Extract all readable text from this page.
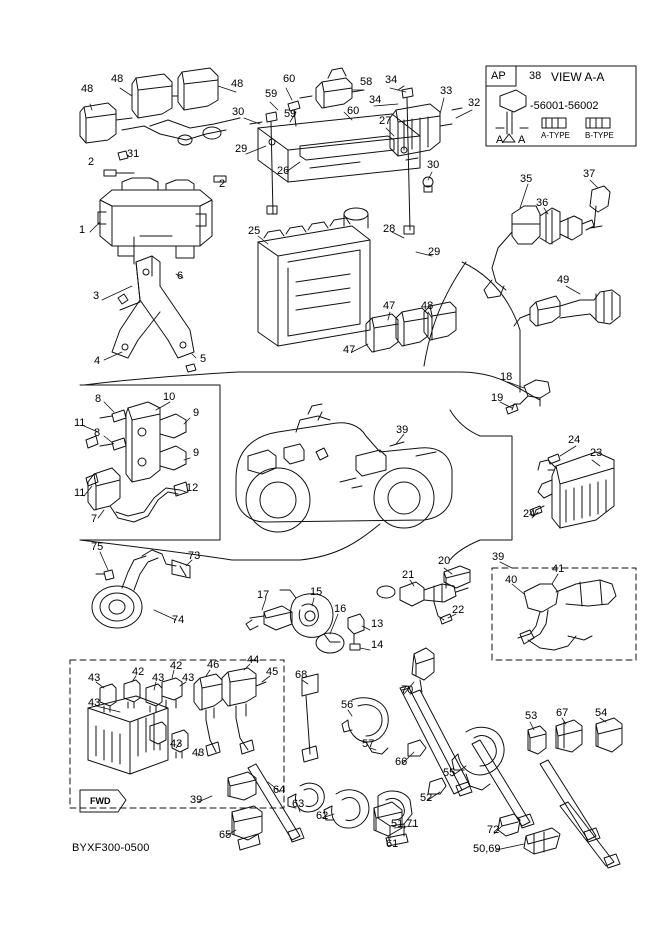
1
2
31
2
3
4	5
6
48
48	48	60
59
59
30	60
58 34
34
33
32
27
29
26	30
25	28
29
47 48
47
35
36
37
49
18
19
23
24
24
8	10
9
11
8
9
11	12
7
39
75
73
74
17	15
16
13
14
21
20
22
39
40
41
68
70
56
57
66
53 67 54
55
52
51,71	72
50,69
43	42 42
43 43
46	44
45
43
43
43
39
64
63
62
65
61
AP 38 VIEW A-A
-56001-56002
A-TYPE B-TYPE
A A
FWD
BYXF300-0500
